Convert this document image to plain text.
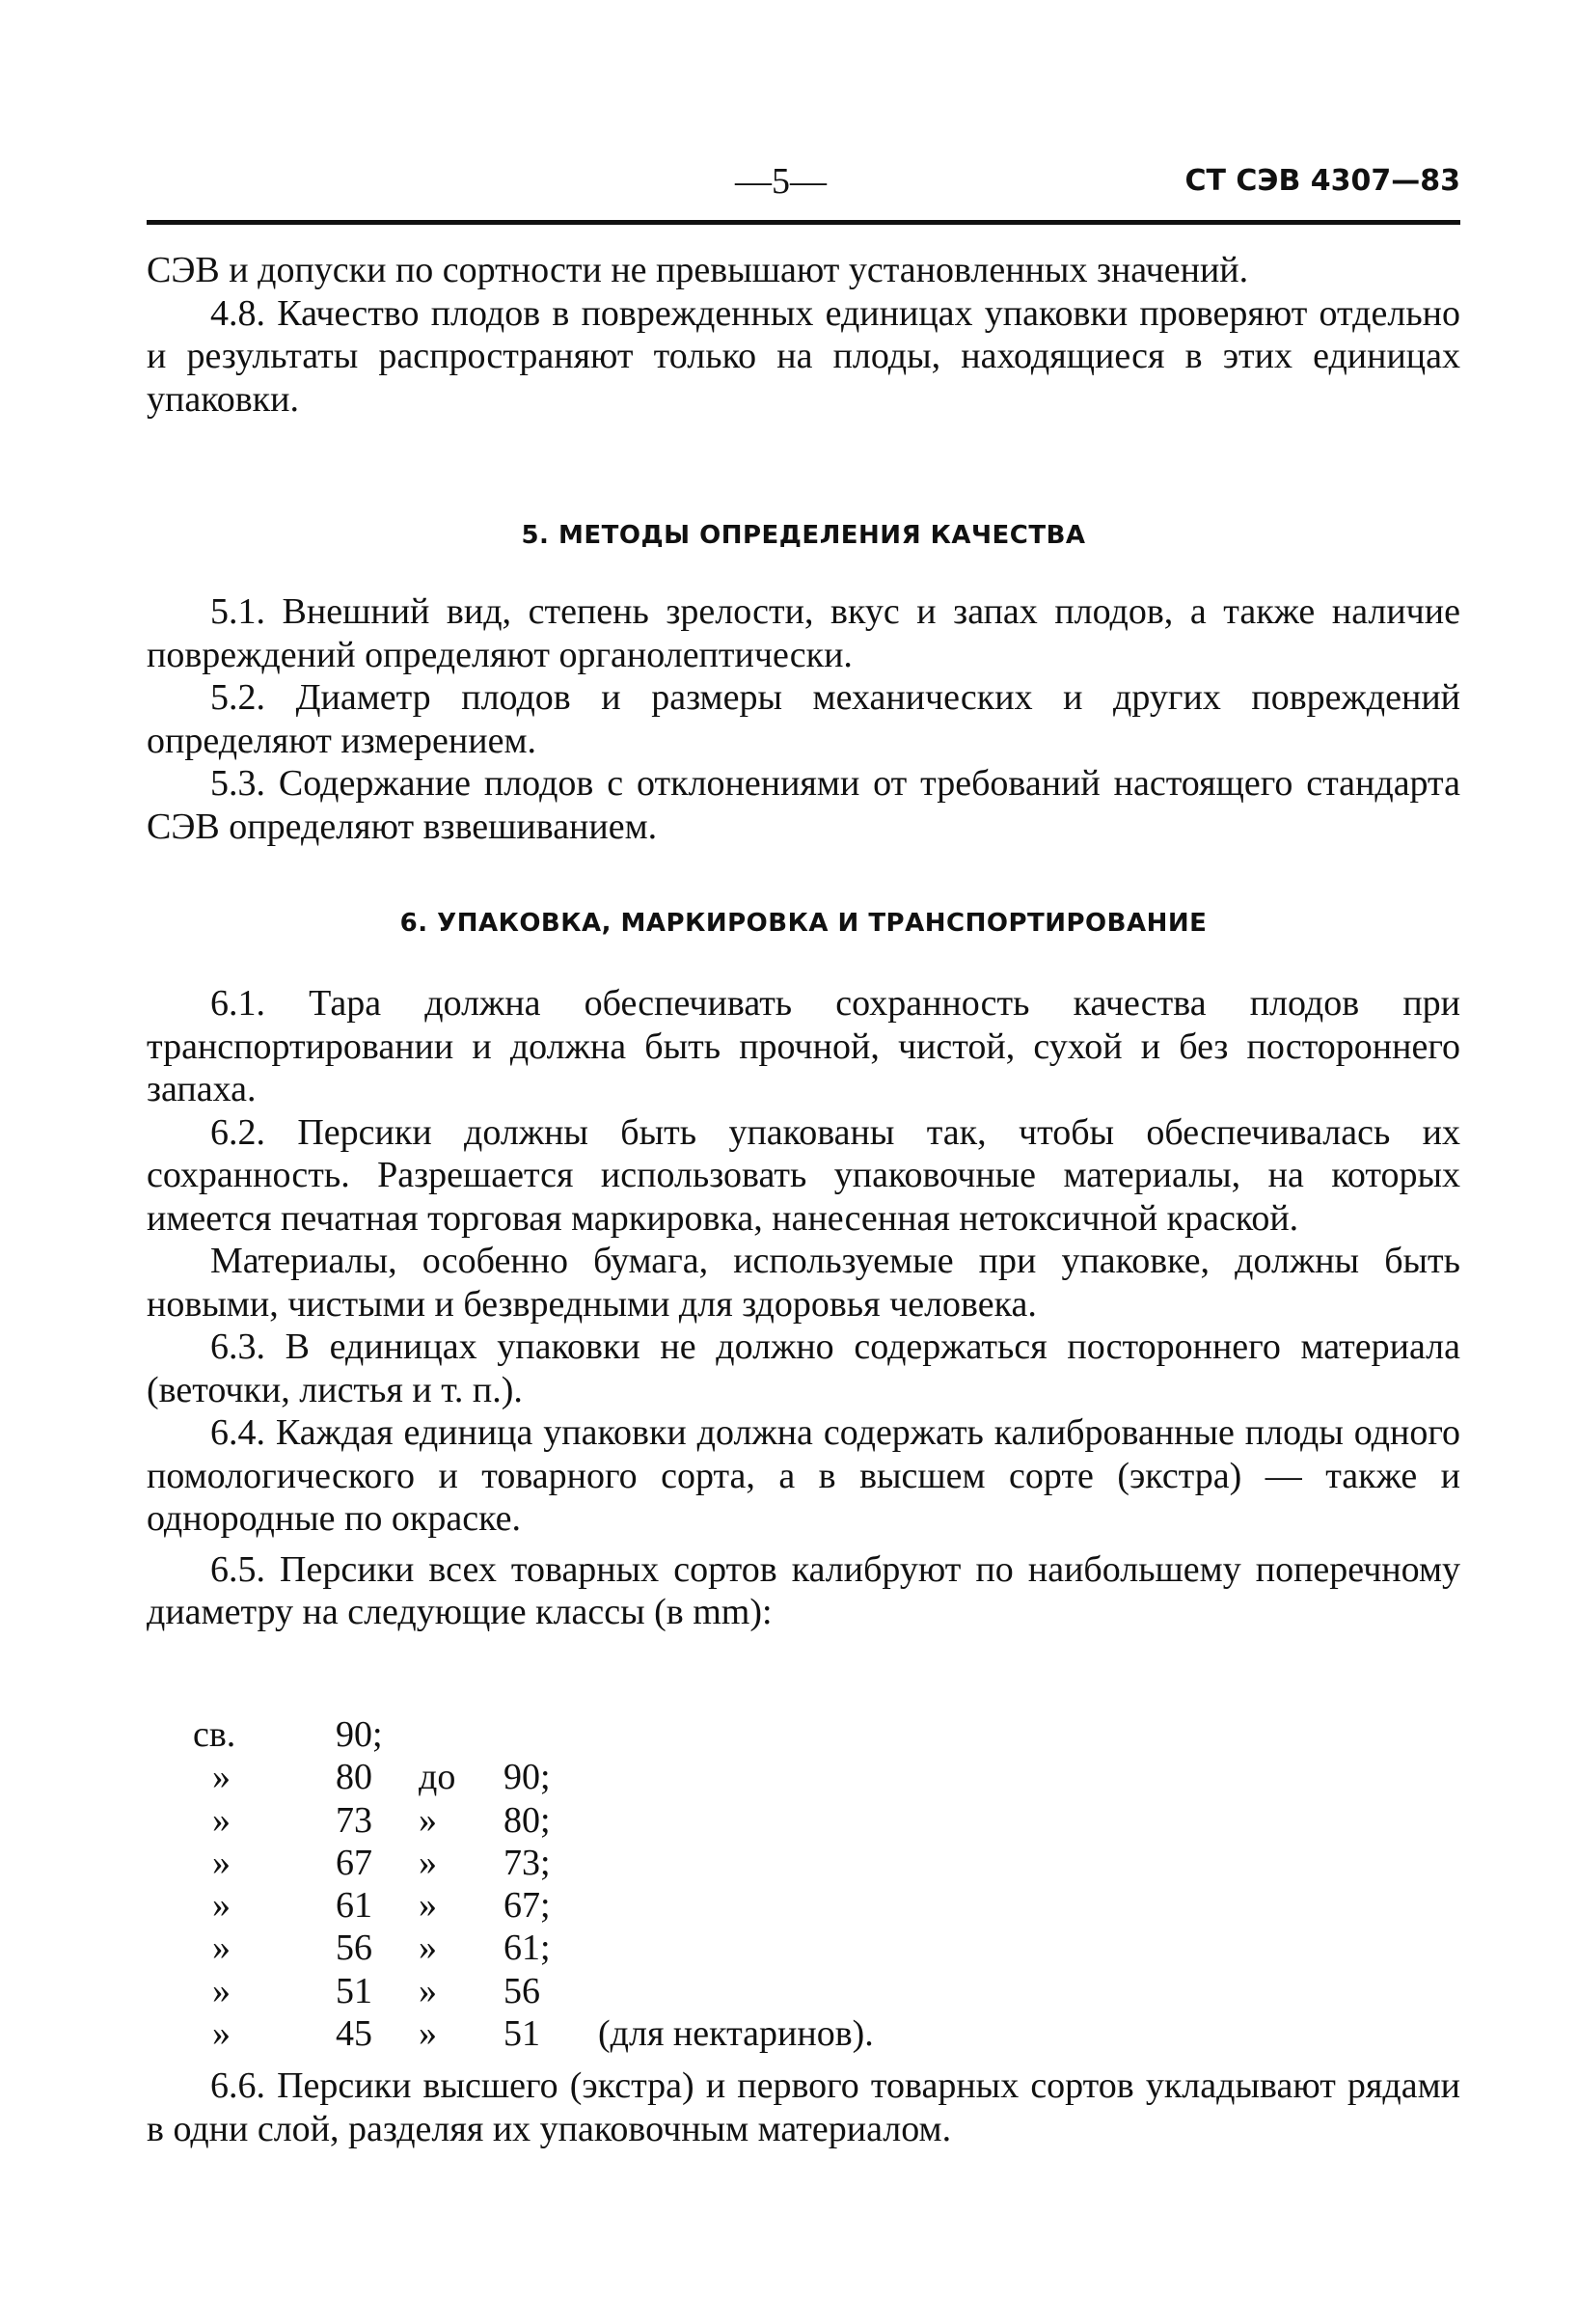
—5—	СТ СЭВ 4307—83

СЭВ и допуски по сортности не превышают установленных значений.

4.8. Качество плодов в поврежденных единицах упаковки проверяют отдельно и результаты распространяют только на плоды, находящиеся в этих единицах упаковки.

5. МЕТОДЫ ОПРЕДЕЛЕНИЯ КАЧЕСТВА

5.1. Внешний вид, степень зрелости, вкус и запах плодов, а также наличие повреждений определяют органолептически.

5.2. Диаметр плодов и размеры механических и других повреждений определяют измерением.

5.3. Содержание плодов с отклонениями от требований настоящего стандарта СЭВ определяют взвешиванием.

6. УПАКОВКА, МАРКИРОВКА И ТРАНСПОРТИРОВАНИЕ

6.1. Тара должна обеспечивать сохранность качества плодов при транспортировании и должна быть прочной, чистой, сухой и без постороннего запаха.

6.2. Персики должны быть упакованы так, чтобы обеспечивалась их сохранность. Разрешается использовать упаковочные материалы, на которых имеется печатная торговая маркировка, нанесенная нетоксичной краской.

Материалы, особенно бумага, используемые при упаковке, должны быть новыми, чистыми и безвредными для здоровья человека.

6.3. В единицах упаковки не должно содержаться постороннего материала (веточки, листья и т. п.).

6.4. Каждая единица упаковки должна содержать калиброванные плоды одного помологического и товарного сорта, а в высшем сорте (экстра) — также и однородные по окраске.

6.5. Персики всех товарных сортов калибруют по наибольшему поперечному диаметру на следующие классы (в mm):

св.	90;
»	80 до 90;
»	73 » 80;
»	67 » 73;
»	61 » 67;
»	56 » 61;
»	51 » 56
»	45 » 51 (для нектаринов).

6.6. Персики высшего (экстра) и первого товарных сортов укладывают рядами в одни слой, разделяя их упаковочным материалом.
